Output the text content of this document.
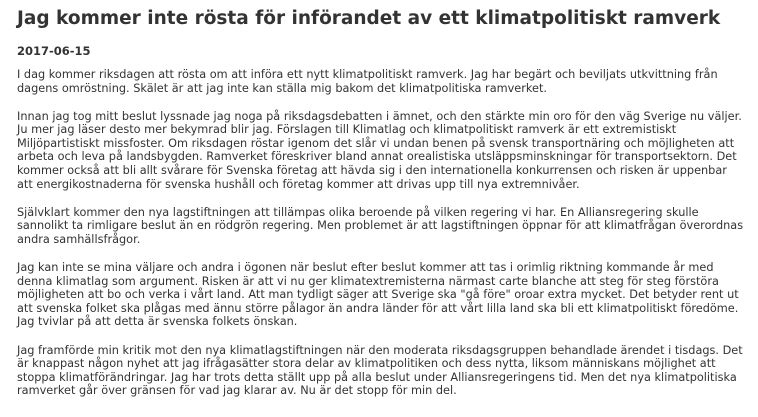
Jag kommer inte rösta för införandet av ett klimatpolitiskt ramverk
2017-06-15

I dag kommer riksdagen att rösta om att införa ett nytt klimatpolitiskt ramverk. Jag har begärt och beviljats utkvittning från dagens omröstning. Skälet är att jag inte kan ställa mig bakom det klimatpolitiska ramverket.

Innan jag tog mitt beslut lyssnade jag noga på riksdagsdebatten i ämnet, och den stärkte min oro för den väg Sverige nu väljer. Ju mer jag läser desto mer bekymrad blir jag. Förslagen till Klimatlag och klimatpolitiskt ramverk är ett extremistiskt Miljöpartistiskt missfoster. Om riksdagen röstar igenom det slår vi undan benen på svensk transportnäring och möjligheten att arbeta och leva på landsbygden. Ramverket föreskriver bland annat orealistiska utsläppsminskningar för transportsektorn. Det kommer också att bli allt svårare för Svenska företag att hävda sig i den internationella konkurrensen och risken är uppenbar att energikostnaderna för svenska hushåll och företag kommer att drivas upp till nya extremnivåer.

Självklart kommer den nya lagstiftningen att tillämpas olika beroende på vilken regering vi har. En Alliansregering skulle sannolikt ta rimligare beslut än en rödgrön regering. Men problemet är att lagstiftningen öppnar för att klimatfrågan överordnas andra samhällsfrågor.

Jag kan inte se mina väljare och andra i ögonen när beslut efter beslut kommer att tas i orimlig riktning kommande år med denna klimatlag som argument. Risken är att vi nu ger klimatextremisterna närmast carte blanche att steg för steg förstöra möjligheten att bo och verka i vårt land. Att man tydligt säger att Sverige ska "gå före" oroar extra mycket. Det betyder rent ut att svenska folket ska plågas med ännu större pålagor än andra länder för att vårt lilla land ska bli ett klimatpolitiskt föredöme. Jag tvivlar på att detta är svenska folkets önskan.

Jag framförde min kritik mot den nya klimatlagstiftningen när den moderata riksdagsgruppen behandlade ärendet i tisdags. Det är knappast någon nyhet att jag ifrågasätter stora delar av klimatpolitiken och dess nytta, liksom människans möjlighet att stoppa klimatförändringar. Jag har trots detta ställt upp på alla beslut under Alliansregeringens tid. Men det nya klimatpolitiska ramverket går över gränsen för vad jag klarar av. Nu är det stopp för min del.
